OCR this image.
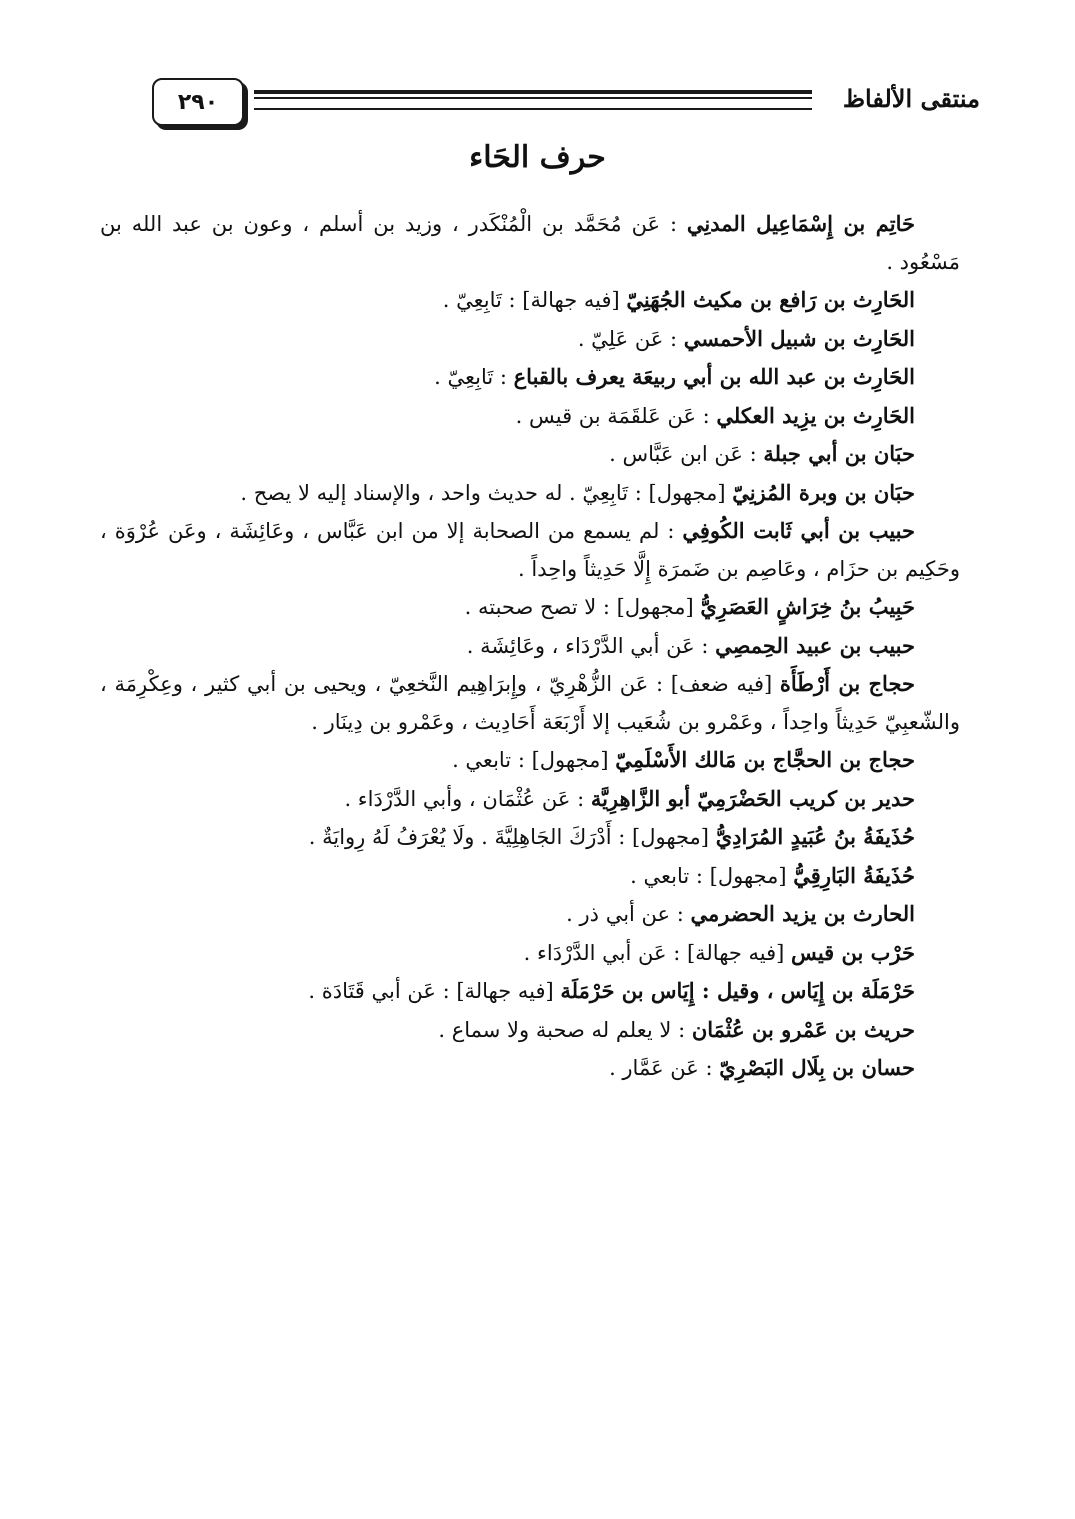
٢٩٠	منتقى الألفاظ
حرف الحَاء

حَاتِم بن إِسْمَاعِيل المدنِي : عَن مُحَمَّد بن الْمُنْكَدر ، وزيد بن أسلم ، وعون بن عبد الله بن مَسْعُود .

الحَارِث بن رَافع بن مكيث الجُهَنِيّ [فيه جهالة] : تَابِعِيّ .

الحَارِث بن شبيل الأحمسي : عَن عَلِيّ .

الحَارِث بن عبد الله بن أبي ربيعَة يعرف بالقباع : تَابِعِيّ .

الحَارِث بن يزِيد العكلي : عَن عَلقَمَة بن قيس .

حبَان بن أبي جبلة : عَن ابن عَبَّاس .

حبَان بن وبرة المُزنِيّ [مجهول] : تَابِعِيّ . له حديث واحد ، والإسناد إليه لا يصح .

حبيب بن أبي ثَابت الكُوفِي : لم يسمع من الصحابة إلا من ابن عَبَّاس ، وعَائِشَة ، وعَن عُرْوَة ، وحَكِيم بن حزَام ، وعَاصِم بن ضَمرَة إِلَّا حَدِيثاً واحِداً .

حَبِيبُ بنُ خِرَاشٍ العَصَرِيُّ [مجهول] : لا تصح صحبته .

حبيب بن عبيد الحِمصِي : عَن أبي الدَّرْدَاء ، وعَائِشَة .

حجاج بن أَرْطَأَة [فيه ضعف] : عَن الزُّهْرِيّ ، وإِبرَاهِيم النَّخعِيّ ، ويحيى بن أبي كثير ، وعِكْرِمَة ، والشّعبِيّ حَدِيثاً واحِداً ، وعَمْرو بن شُعَيب إلا أَرْبَعَة أَحَادِيث ، وعَمْرو بن دِينَار .

حجاج بن الحجَّاج بن مَالك الأَسْلَمِيّ [مجهول] : تابعي .

حدير بن كريب الحَضْرَمِيّ أبو الزَّاهِرِيَّة : عَن عُثْمَان ، وأبي الدَّرْدَاء .

حُذَيفَةُ بنُ عُبَيدٍ المُرَادِيُّ [مجهول] : أَدْرَكَ الجَاهِلِيَّةَ . ولَا يُعْرَفُ لَهُ رِوايَةٌ .

حُذَيفَةُ البَارِقِيُّ [مجهول] : تابعي .

الحارث بن يزيد الحضرمي : عن أبي ذر .

حَرْب بن قيس [فيه جهالة] : عَن أبي الدَّرْدَاء .

حَرْمَلَة بن إِيَاس ، وقيل : إِيَاس بن حَرْمَلَة [فيه جهالة] : عَن أبي قَتَادَة .

حريث بن عَمْرو بن عُثْمَان : لا يعلم له صحبة ولا سماع .

حسان بن بِلَال البَصْرِيّ : عَن عَمَّار .
